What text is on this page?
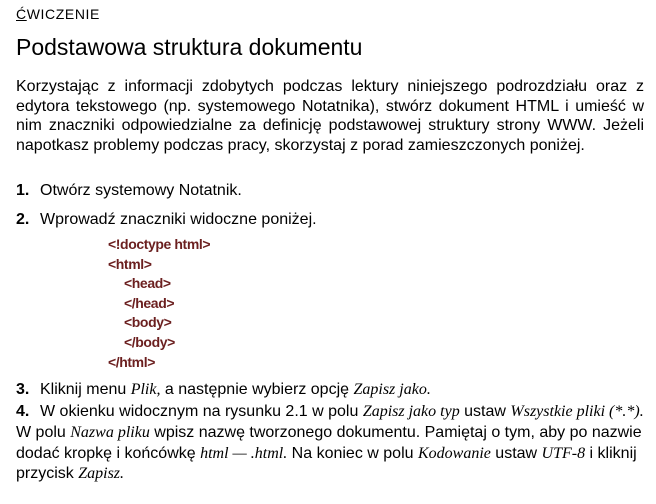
ĆWICZENIE
Podstawowa struktura dokumentu
Korzystając z informacji zdobytych podczas lektury niniejszego podrozdziału oraz z edytora tekstowego (np. systemowego Notatnika), stwórz dokument HTML i umieść w nim znaczniki odpowiedzialne za definicję podstawowej struktury strony WWW. Jeżeli napotkasz problemy podczas pracy, skorzystaj z porad zamieszczonych poniżej.
1. Otwórz systemowy Notatnik.
2. Wprowadź znaczniki widoczne poniżej.
<!doctype html>
<html>
<head>
</head>
<body>
</body>
</html>
3. Kliknij menu Plik, a następnie wybierz opcję Zapisz jako.
4. W okienku widocznym na rysunku 2.1 w polu Zapisz jako typ ustaw Wszystkie pliki (*.*). W polu Nazwa pliku wpisz nazwę tworzonego dokumentu. Pamiętaj o tym, aby po nazwie dodać kropkę i końcówkę html — .html. Na koniec w polu Kodowanie ustaw UTF-8 i kliknij przycisk Zapisz.
